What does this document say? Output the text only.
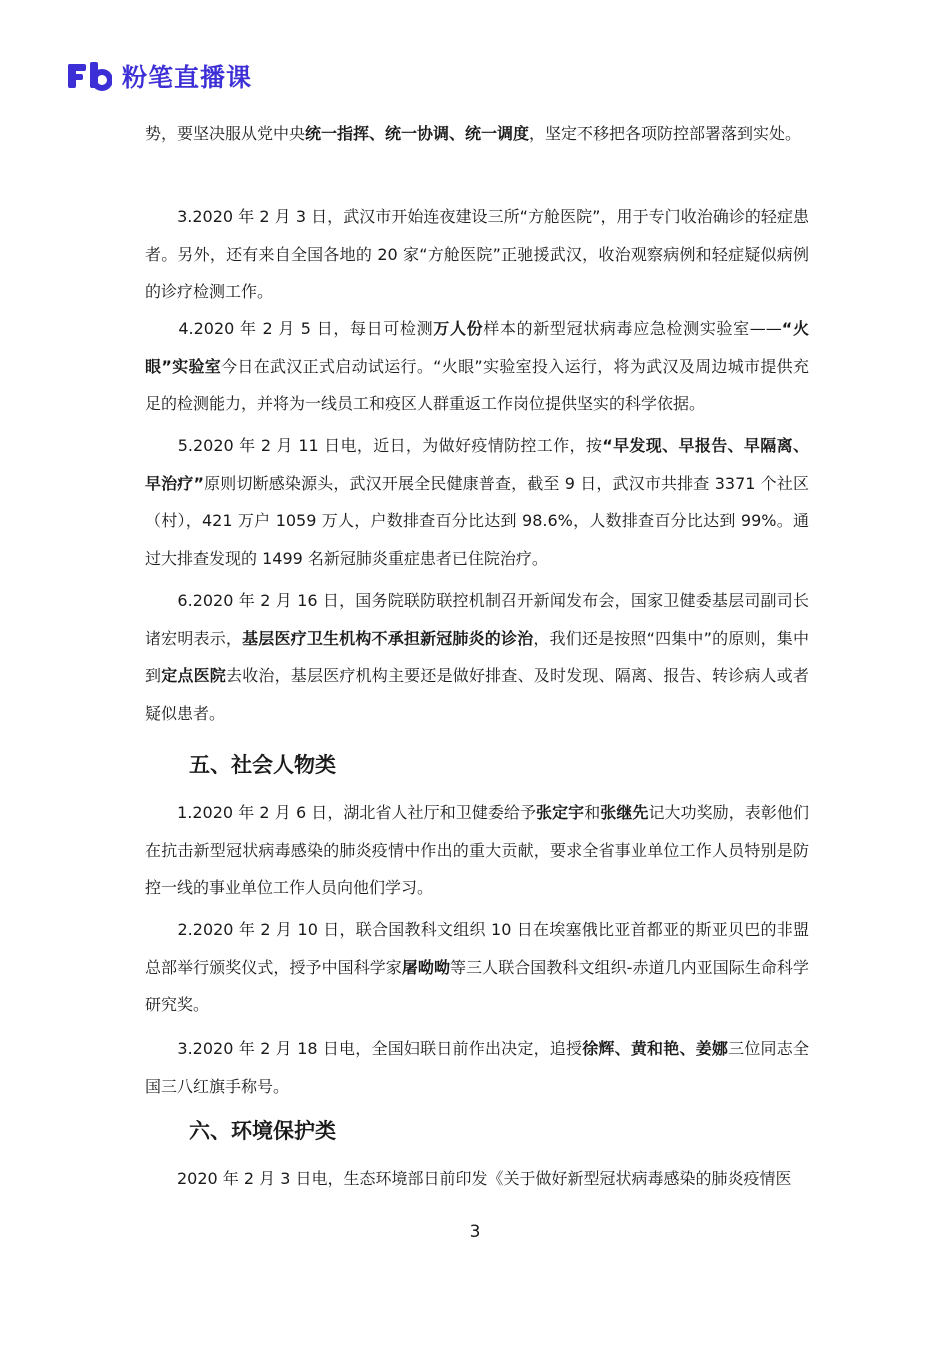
粉笔直播课

势，要坚决服从党中央统一指挥、统一协调、统一调度，坚定不移把各项防控部署落到实处。

　　3.2020 年 2 月 3 日，武汉市开始连夜建设三所“方舱医院”，用于专门收治确诊的轻症患者。另外，还有来自全国各地的 20 家“方舱医院”正驰援武汉，收治观察病例和轻症疑似病例的诊疗检测工作。

　　4.2020 年 2 月 5 日，每日可检测万人份样本的新型冠状病毒应急检测实验室——“火眼”实验室今日在武汉正式启动试运行。“火眼”实验室投入运行，将为武汉及周边城市提供充足的检测能力，并将为一线员工和疫区人群重返工作岗位提供坚实的科学依据。

　　5.2020 年 2 月 11 日电，近日，为做好疫情防控工作，按“早发现、早报告、早隔离、早治疗”原则切断感染源头，武汉开展全民健康普查，截至 9 日，武汉市共排查 3371 个社区（村），421 万户 1059 万人，户数排查百分比达到 98.6%，人数排查百分比达到 99%。通过大排查发现的 1499 名新冠肺炎重症患者已住院治疗。

　　6.2020 年 2 月 16 日，国务院联防联控机制召开新闻发布会，国家卫健委基层司副司长诸宏明表示，基层医疗卫生机构不承担新冠肺炎的诊治，我们还是按照“四集中”的原则，集中到定点医院去收治，基层医疗机构主要还是做好排查、及时发现、隔离、报告、转诊病人或者疑似患者。

五、社会人物类

　　1.2020 年 2 月 6 日，湖北省人社厅和卫健委给予张定宇和张继先记大功奖励，表彰他们在抗击新型冠状病毒感染的肺炎疫情中作出的重大贡献，要求全省事业单位工作人员特别是防控一线的事业单位工作人员向他们学习。

　　2.2020 年 2 月 10 日，联合国教科文组织 10 日在埃塞俄比亚首都亚的斯亚贝巴的非盟总部举行颁奖仪式，授予中国科学家屠呦呦等三人联合国教科文组织-赤道几内亚国际生命科学研究奖。

　　3.2020 年 2 月 18 日电，全国妇联日前作出决定，追授徐辉、黄和艳、姜娜三位同志全国三八红旗手称号。

六、环境保护类

　　2020 年 2 月 3 日电，生态环境部日前印发《关于做好新型冠状病毒感染的肺炎疫情医

3
